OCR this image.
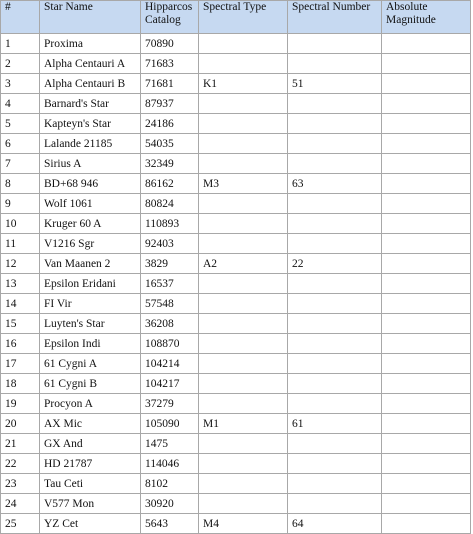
#	Star Name	Hipparcos Catalog	Spectral Type	Spectral Number	Absolute Magnitude
1	Proxima	70890			
2	Alpha Centauri A	71683			
3	Alpha Centauri B	71681	K1	51	
4	Barnard's Star	87937			
5	Kapteyn's Star	24186			
6	Lalande 21185	54035			
7	Sirius A	32349			
8	BD+68 946	86162	M3	63	
9	Wolf 1061	80824			
10	Kruger 60 A	110893			
11	V1216 Sgr	92403			
12	Van Maanen 2	3829	A2	22	
13	Epsilon Eridani	16537			
14	FI Vir	57548			
15	Luyten's Star	36208			
16	Epsilon Indi	108870			
17	61 Cygni A	104214			
18	61 Cygni B	104217			
19	Procyon A	37279			
20	AX Mic	105090	M1	61	
21	GX And	1475			
22	HD 21787	114046			
23	Tau Ceti	8102			
24	V577 Mon	30920			
25	YZ Cet	5643	M4	64	
